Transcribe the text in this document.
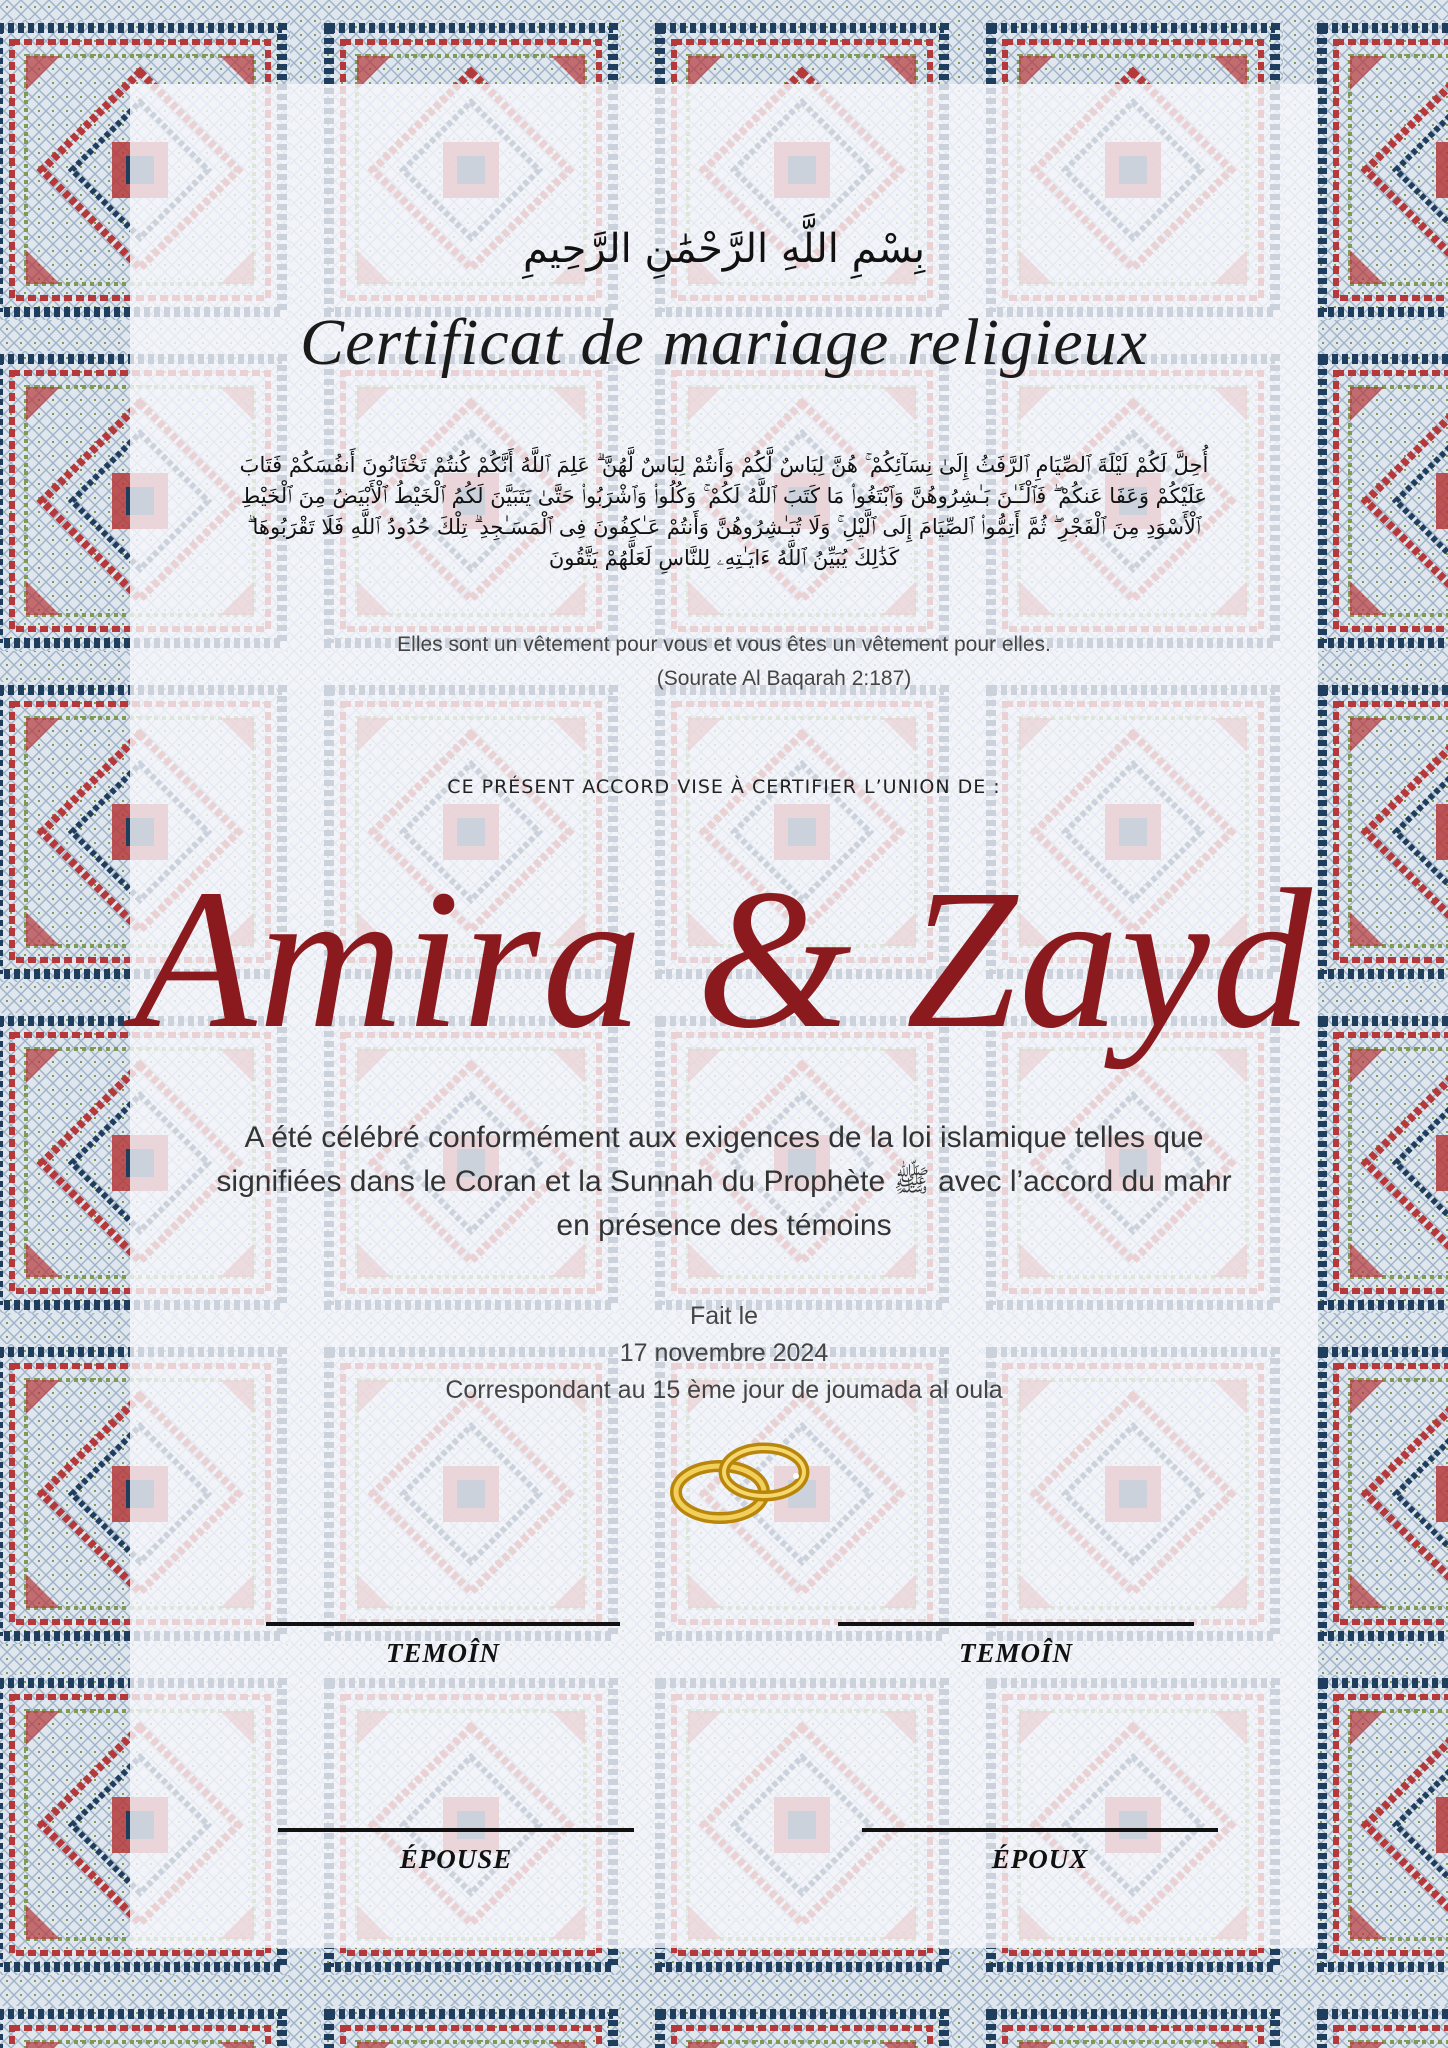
بِسْمِ اللَّهِ الرَّحْمَٰنِ الرَّحِيمِ
Certificat de mariage religieux
أُحِلَّ لَكُمْ لَيْلَةَ ٱلصِّيَامِ ٱلرَّفَثُ إِلَىٰ نِسَآئِكُمْ ۚ هُنَّ لِبَاسٌ لَّكُمْ وَأَنتُمْ لِبَاسٌ لَّهُنَّ ۗ عَلِمَ ٱللَّهُ أَنَّكُمْ كُنتُمْ تَخْتَانُونَ أَنفُسَكُمْ فَتَابَ عَلَيْكُمْ وَعَفَا عَنكُمْ ۖ فَٱلْـَٔـٰنَ بَـٰشِرُوهُنَّ وَٱبْتَغُوا۟ مَا كَتَبَ ٱللَّهُ لَكُمْ ۚ وَكُلُوا۟ وَٱشْرَبُوا۟ حَتَّىٰ يَتَبَيَّنَ لَكُمُ ٱلْخَيْطُ ٱلْأَبْيَضُ مِنَ ٱلْخَيْطِ ٱلْأَسْوَدِ مِنَ ٱلْفَجْرِ ۖ ثُمَّ أَتِمُّوا۟ ٱلصِّيَامَ إِلَى ٱلَّيْلِ ۚ وَلَا تُبَـٰشِرُوهُنَّ وَأَنتُمْ عَـٰكِفُونَ فِى ٱلْمَسَـٰجِدِ ۗ تِلْكَ حُدُودُ ٱللَّهِ فَلَا تَقْرَبُوهَا ۗ كَذَٰلِكَ يُبَيِّنُ ٱللَّهُ ءَايَـٰتِهِۦ لِلنَّاسِ لَعَلَّهُمْ يَتَّقُونَ
Elles sont un vêtement pour vous et vous êtes un vêtement pour elles.
(Sourate Al Baqarah 2:187)
CE PRÉSENT ACCORD VISE À CERTIFIER L’UNION DE :
Amira & Zayd
A été célébré conformément aux exigences de la loi islamique telles que signifiées dans le Coran et la Sunnah du Prophète ﷺ avec l’accord du mahr en présence des témoins
Fait le
17 novembre 2024
Correspondant au 15 ème jour de joumada al oula
TEMOÎN	TEMOÎN
ÉPOUSE	ÉPOUX
